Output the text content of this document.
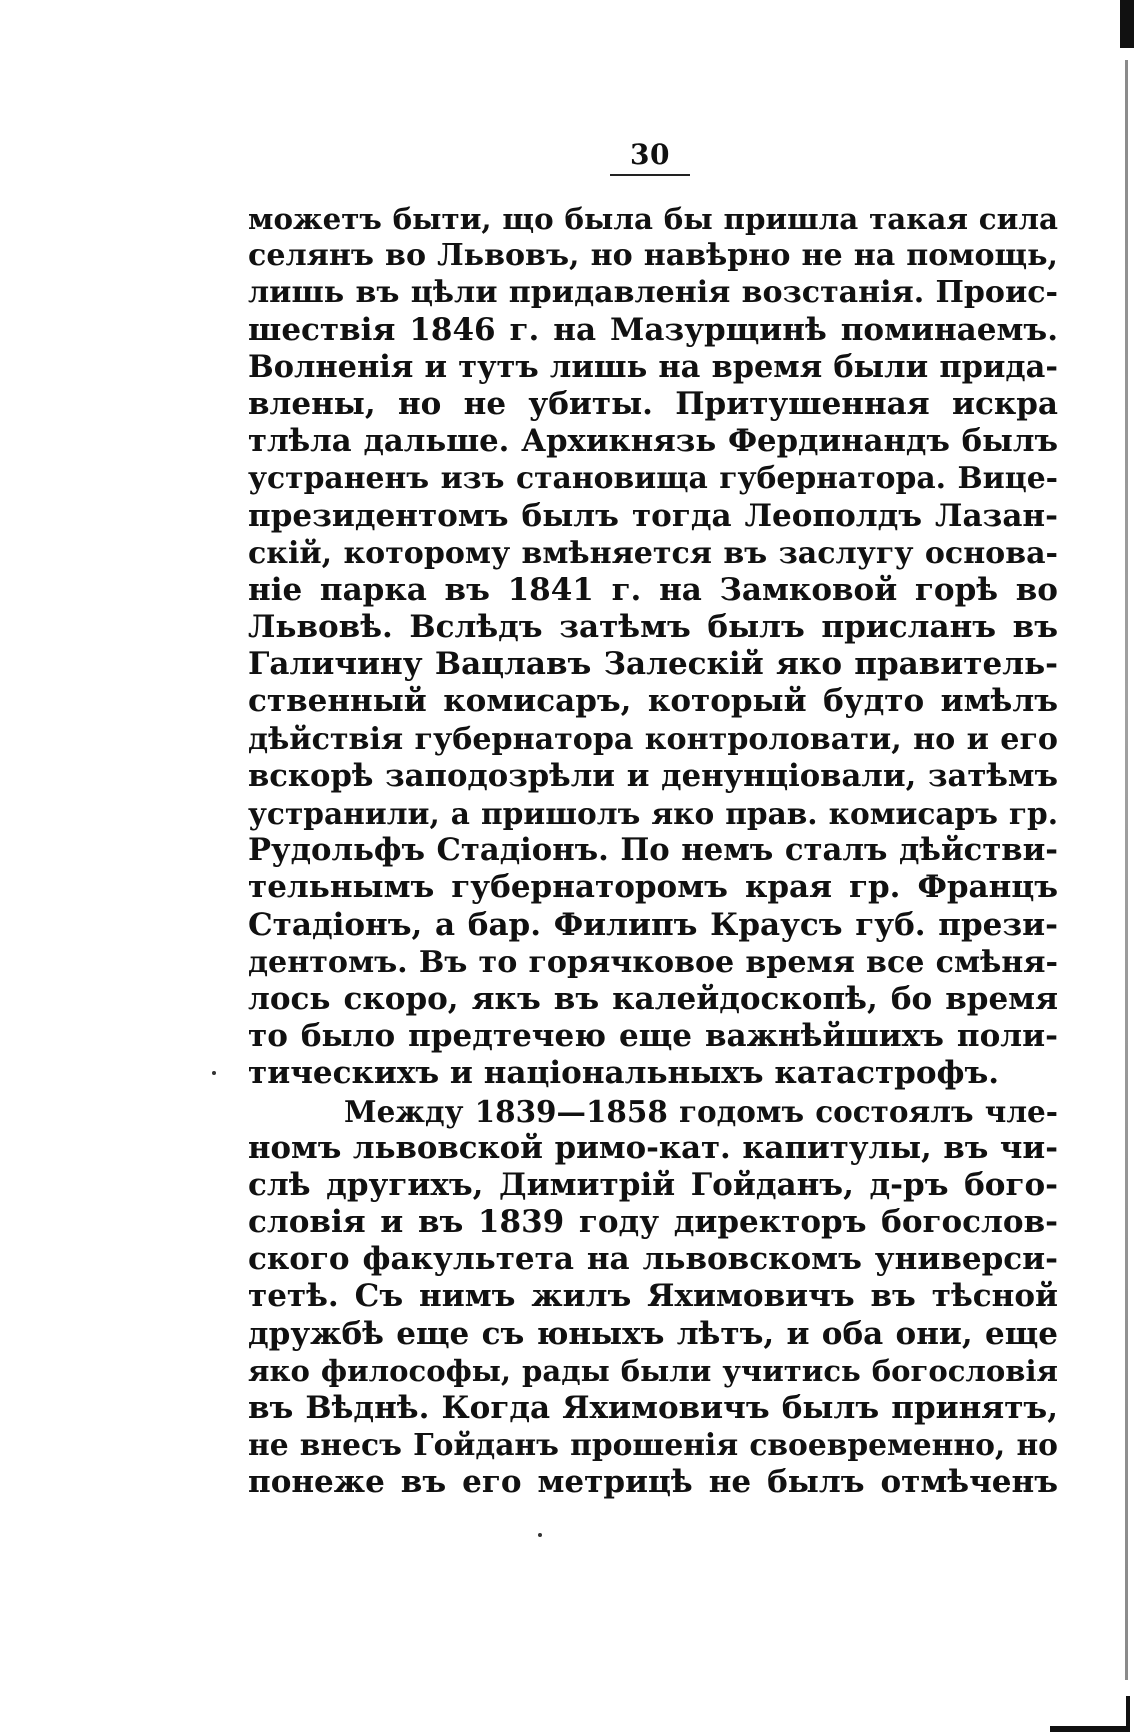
30
можетъ быти, що была бы пришла такая сила
селянъ во Львовъ, но навѣрно не на помощь,
лишь въ цѣли придавленія возстанія. Проис-
шествія 1846 г. на Мазурщинѣ поминаемъ.
Волненія и тутъ лишь на время были прида-
влены, но не убиты. Притушенная искра
тлѣла дальше. Архикнязь Фердинандъ былъ
устраненъ изъ становища губернатора. Вице-
президентомъ былъ тогда Леополдъ Лазан-
скій, которому вмѣняется въ заслугу основа-
ніе парка въ 1841 г. на Замковой горѣ во
Львовѣ. Вслѣдъ затѣмъ былъ присланъ въ
Галичину Вацлавъ Залескій яко правитель-
ственный комисаръ, который будто имѣлъ
дѣйствія губернатора контроловати, но и его
вскорѣ заподозрѣли и денунціовали, затѣмъ
устранили, а пришолъ яко прав. комисаръ гр.
Рудольфъ Стадіонъ. По немъ сталъ дѣйстви-
тельнымъ губернаторомъ края гр. Францъ
Стадіонъ, а бар. Филипъ Краусъ губ. прези-
дентомъ. Въ то горячковое время все смѣня-
лось скоро, якъ въ калейдоскопѣ, бо время
то было предтечею еще важнѣйшихъ поли-
тическихъ и національныхъ катастрофъ.
Между 1839—1858 годомъ состоялъ чле-
номъ львовской римо-кат. капитулы, въ чи-
слѣ другихъ, Димитрій Гойданъ, д-ръ бого-
словія и въ 1839 году директоръ богослов-
ского факультета на львовскомъ универси-
тетѣ. Съ нимъ жилъ Яхимовичъ въ тѣсной
дружбѣ еще съ юныхъ лѣтъ, и оба они, еще
яко философы, рады были учитись богословія
въ Вѣднѣ. Когда Яхимовичъ былъ принятъ,
не внесъ Гойданъ прошенія своевременно, но
понеже въ его метрицѣ не былъ отмѣченъ
